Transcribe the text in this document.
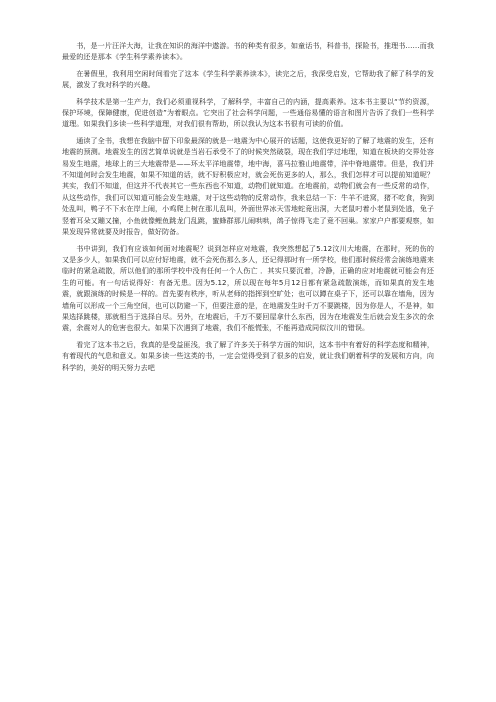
书，是一片汪洋大海，让我在知识的海洋中遨游。书的种类有很多，如童话书，科普书，探险书，推理书……而我最爱的还是那本《学生科学素养读本》。

在暑假里，我利用空闲时间看完了这本《学生科学素养读本》，读完之后，我深受启发，它帮助我了解了科学的发展，激发了我对科学的兴趣。

科学技术是第一生产力，我们必须重视科学，了解科学，丰富自己的内涵，提高素养。这本书主要以“节约资源，保护环境，保障健康，促进创造”为着眼点。它突出了社会科学问题，一些通俗易懂的语言和图片告诉了我们一些科学道理。如果我们多读一些科学道理，对我们很有帮助，所以我认为这本书很有可读的价值。

通读了全书，我想在我脑中留下印象最深的就是一地震为中心展开的话题，这使我更好的了解了地震的发生，还有地震的预测。地震发生的因艺简单说就是当岩石承受不了的时候突然破裂，现在我们学过地理，知道在板块的交界处容易发生地震，地球上的三大地震带是——环太平洋地震带，地中海，喜马拉雅山地震带，洋中脊地震带。但是，我们并不知道何时会发生地震，如果不知道的话，就不好积极应对，就会死伤更多的人，那么，我们怎样才可以提前知道呢？其实，我们不知道，但这并不代表其它一些东西也不知道，动物们就知道。在地震前，动物们就会有一些反常的动作，从这些动作，我们可以知道可能会发生地震，对于这些动物的反常动作，我来总结一下：牛羊不进窝，猪不吃食，狗到处乱叫，鸭子不下水在岸上闹，小鸡爬上树在那儿乱叫，外面世界冰天雪地蛇竟出洞，大老鼠叼着小老鼠到处逃，兔子竖着耳朵又蹦又撞，小鱼就像鲤鱼跳龙门乱跳，蜜蜂群那儿闹哄哄，鸽子惊得飞走了竟不回巢。家家户户都要观察，如果发现异常就要及时报告，做好防备。

书中讲到，我们有应该如何面对地震呢？说到怎样应对地震，我突然想起了5.12汶川大地震，在那时，死的伤的又是多少人，如果我们可以应付好地震，就不会死伤那么多人，还记得那时有一所学校，他们那时候经常会演练地震来临时的紧急疏散，所以他们的那所学校中没有任何一个人伤亡 ．其实只要沉着，冷静，正确的应对地震就可能会有还生的可能。有一句话说得好：有备无患。因为5.12，所以现在每年5月12日都有紧急疏散演练，而如果真的发生地震，就跟演练的时候是一样的。首先要有秩序，听从老师的指挥到空旷处；也可以蹲在桌子下，还可以靠在墙角，因为墙角可以形成一个三角空间，也可以防避一下，但要注意的是，在地震发生时千万不要跳楼，因为你是人，不是神，如果选择跳楼，那就相当于选择自尽。另外，在地震后，千万不要回屋拿什么东西，因为在地震发生后就会发生多次的余震，余震对人的危害也很大。如果下次遇到了地震，我们不能慌张，不能再造成同似汶川的错误。

看完了这本书之后，我真的是受益匪浅，我了解了许多关于科学方面的知识，这本书中有着好的科学态度和精神，有着现代的气息和意义。如果多读一些这类的书，一定会觉得受到了很多的启发，就让我们朝着科学的发展和方向，向科学的，美好的明天努力去吧
